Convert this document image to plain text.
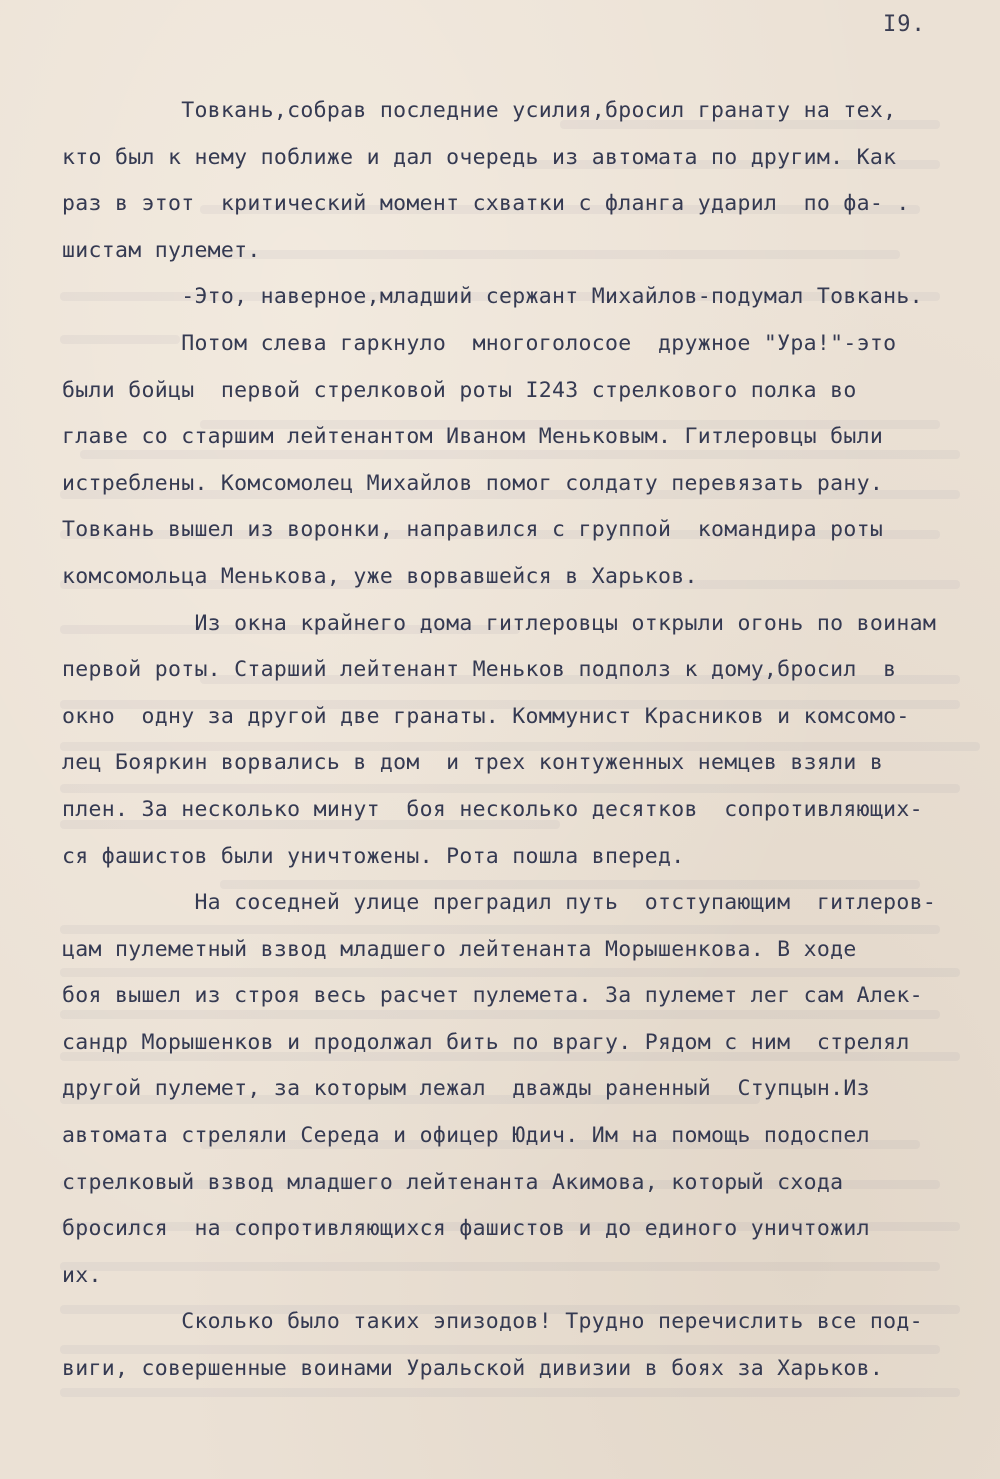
I9.
Товкань,собрав последние усилия,бросил гранату на тех,
кто был к нему поближе и дал очередь из автомата по другим. Как
раз в этот  критический момент схватки с фланга ударил  по фа- .
шистам пулемет.
-Это, наверное,младший сержант Михайлов-подумал Товкань.
Потом слева гаркнуло  многоголосое  дружное "Ура!"-это
были бойцы  первой стрелковой роты I243 стрелкового полка во
главе со старшим лейтенантом Иваном Меньковым. Гитлеровцы были
истреблены. Комсомолец Михайлов помог солдату перевязать рану.
Товкань вышел из воронки, направился с группой  командира роты
комсомольца Менькова, уже ворвавшейся в Харьков.
Из окна крайнего дома гитлеровцы открыли огонь по воинам
первой роты. Старший лейтенант Меньков подполз к дому,бросил  в
окно  одну за другой две гранаты. Коммунист Красников и комсомо-
лец Бояркин ворвались в дом  и трех контуженных немцев взяли в
плен. За несколько минут  боя несколько десятков  сопротивляющих-
ся фашистов были уничтожены. Рота пошла вперед.
На соседней улице преградил путь  отступающим  гитлеров-
цам пулеметный взвод младшего лейтенанта Морышенкова. В ходе
боя вышел из строя весь расчет пулемета. За пулемет лег сам Алек-
сандр Морышенков и продолжал бить по врагу. Рядом с ним  стрелял
другой пулемет, за которым лежал  дважды раненный  Ступцын.Из
автомата стреляли Середа и офицер Юдич. Им на помощь подоспел
стрелковый взвод младшего лейтенанта Акимова, который схода
бросился  на сопротивляющихся фашистов и до единого уничтожил
их.
Сколько было таких эпизодов! Трудно перечислить все под-
виги, совершенные воинами Уральской дивизии в боях за Харьков.
